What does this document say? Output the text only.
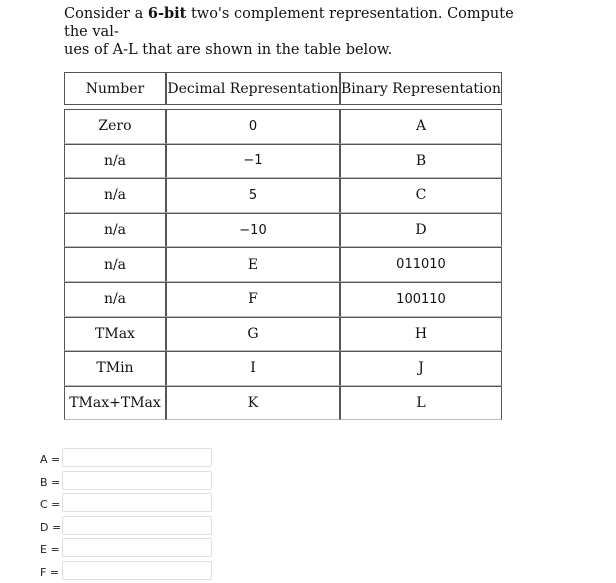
Consider a 6-bit two's complement representation. Compute the val-
ues of A-L that are shown in the table below.
Number	Decimal Representation	Binary Representation

Zero	0	A
n/a	−1	B
n/a	5	C
n/a	−10	D
n/a	E	011010
n/a	F	100110
TMax	G	H
TMin	I	J
TMax+TMax	K	L
A =
B =
C =
D =
E =
F =
